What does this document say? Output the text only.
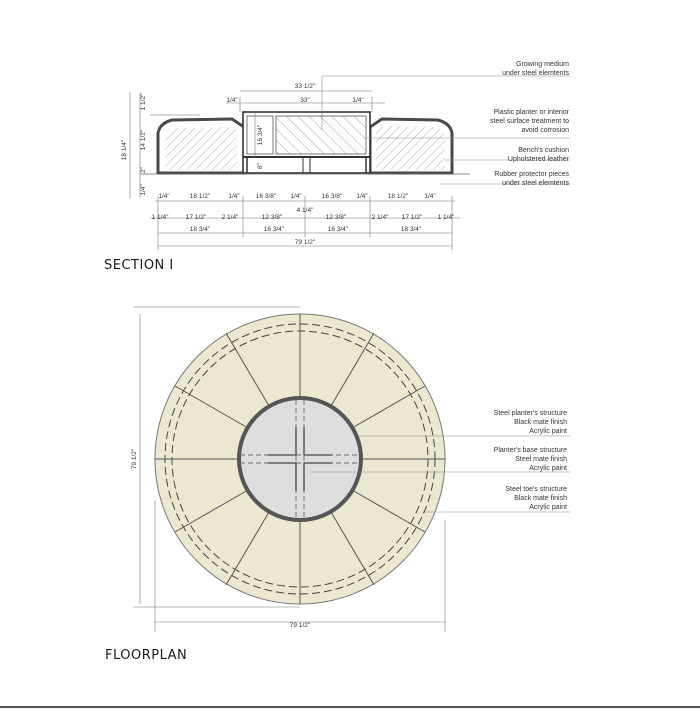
33 1/2"
33"
1/4"	1/4"
18 1/4"
1 1/2"
14 1/2"
2"
1/4"
16 3/4"
8"
1/4"	18 1/2"	1/4" 16 3/8" 1/4"	16 3/8" 1/4"	18 1/2" 1/4"
4 1/4"
1 1/4"	17 1/2" 2 1/4"	12 3/8"	12 3/8"	2 1/4" 17 1/2" 1 1/4"
18 3/4"	16 3/4"	16 3/4"	18 3/4"
79 1/2"
Growing medium
under steel elemtents
Plastic planter or interior
steel surface treatment to
avoid corrosion
Bench's cushion
Upholstered leather
Rubber protector pieces
under steel elemtents
79 1/2"
79 1/2"
Steel planter's structure
Black mate finish
Acrylic paint
Planter's base structure
Steel mate finish
Acrylic paint
Steel toe's structure
Black mate finish
Acrylic paint
SECTION I
FLOORPLAN
